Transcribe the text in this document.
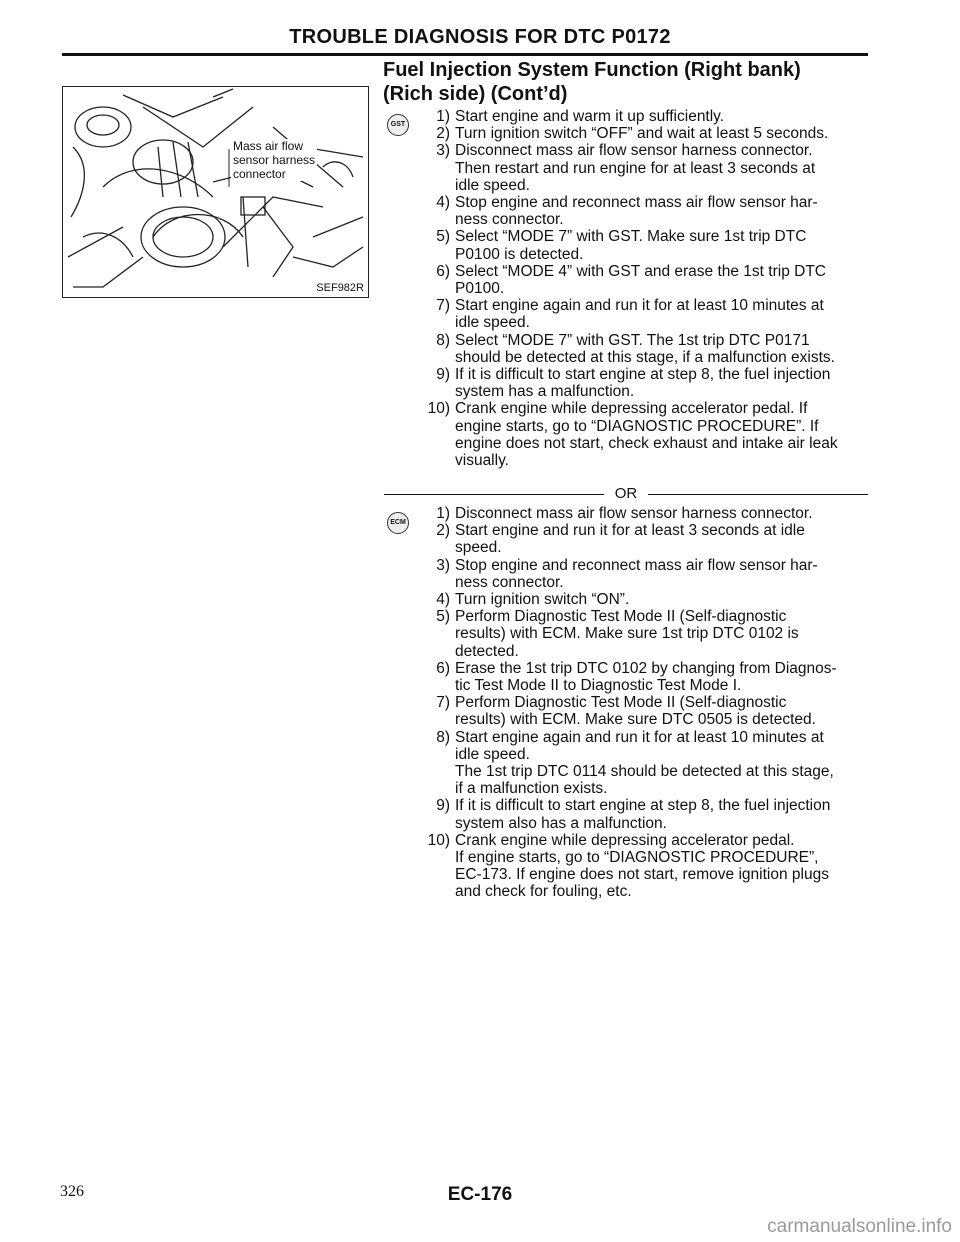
TROUBLE DIAGNOSIS FOR DTC P0172
Fuel Injection System Function (Right bank)
(Rich side) (Cont’d)
Mass air flow
sensor harness
connector
SEF982R
GST	1) Start engine and warm it up sufficiently.
2) Turn ignition switch “OFF” and wait at least 5 seconds.
3) Disconnect mass air flow sensor harness connector.
Then restart and run engine for at least 3 seconds at
idle speed.
4) Stop engine and reconnect mass air flow sensor har-
ness connector.
5) Select “MODE 7” with GST. Make sure 1st trip DTC
P0100 is detected.
6) Select “MODE 4” with GST and erase the 1st trip DTC
P0100.
7) Start engine again and run it for at least 10 minutes at
idle speed.
8) Select “MODE 7” with GST. The 1st trip DTC P0171
should be detected at this stage, if a malfunction exists.
9) If it is difficult to start engine at step 8, the fuel injection
system has a malfunction.
10) Crank engine while depressing accelerator pedal. If
engine starts, go to “DIAGNOSTIC PROCEDURE”. If
engine does not start, check exhaust and intake air leak
visually.
OR
ECM
1) Disconnect mass air flow sensor harness connector.
2) Start engine and run it for at least 3 seconds at idle
speed.
3) Stop engine and reconnect mass air flow sensor har-
ness connector.
4) Turn ignition switch “ON”.
5) Perform Diagnostic Test Mode II (Self-diagnostic
results) with ECM. Make sure 1st trip DTC 0102 is
detected.
6) Erase the 1st trip DTC 0102 by changing from Diagnos-
tic Test Mode II to Diagnostic Test Mode I.
7) Perform Diagnostic Test Mode II (Self-diagnostic
results) with ECM. Make sure DTC 0505 is detected.
8) Start engine again and run it for at least 10 minutes at
idle speed.
The 1st trip DTC 0114 should be detected at this stage,
if a malfunction exists.
9) If it is difficult to start engine at step 8, the fuel injection
system also has a malfunction.
10) Crank engine while depressing accelerator pedal.
If engine starts, go to “DIAGNOSTIC PROCEDURE”,
EC-173. If engine does not start, remove ignition plugs
and check for fouling, etc.
326	EC-176
carmanualsonline.info
